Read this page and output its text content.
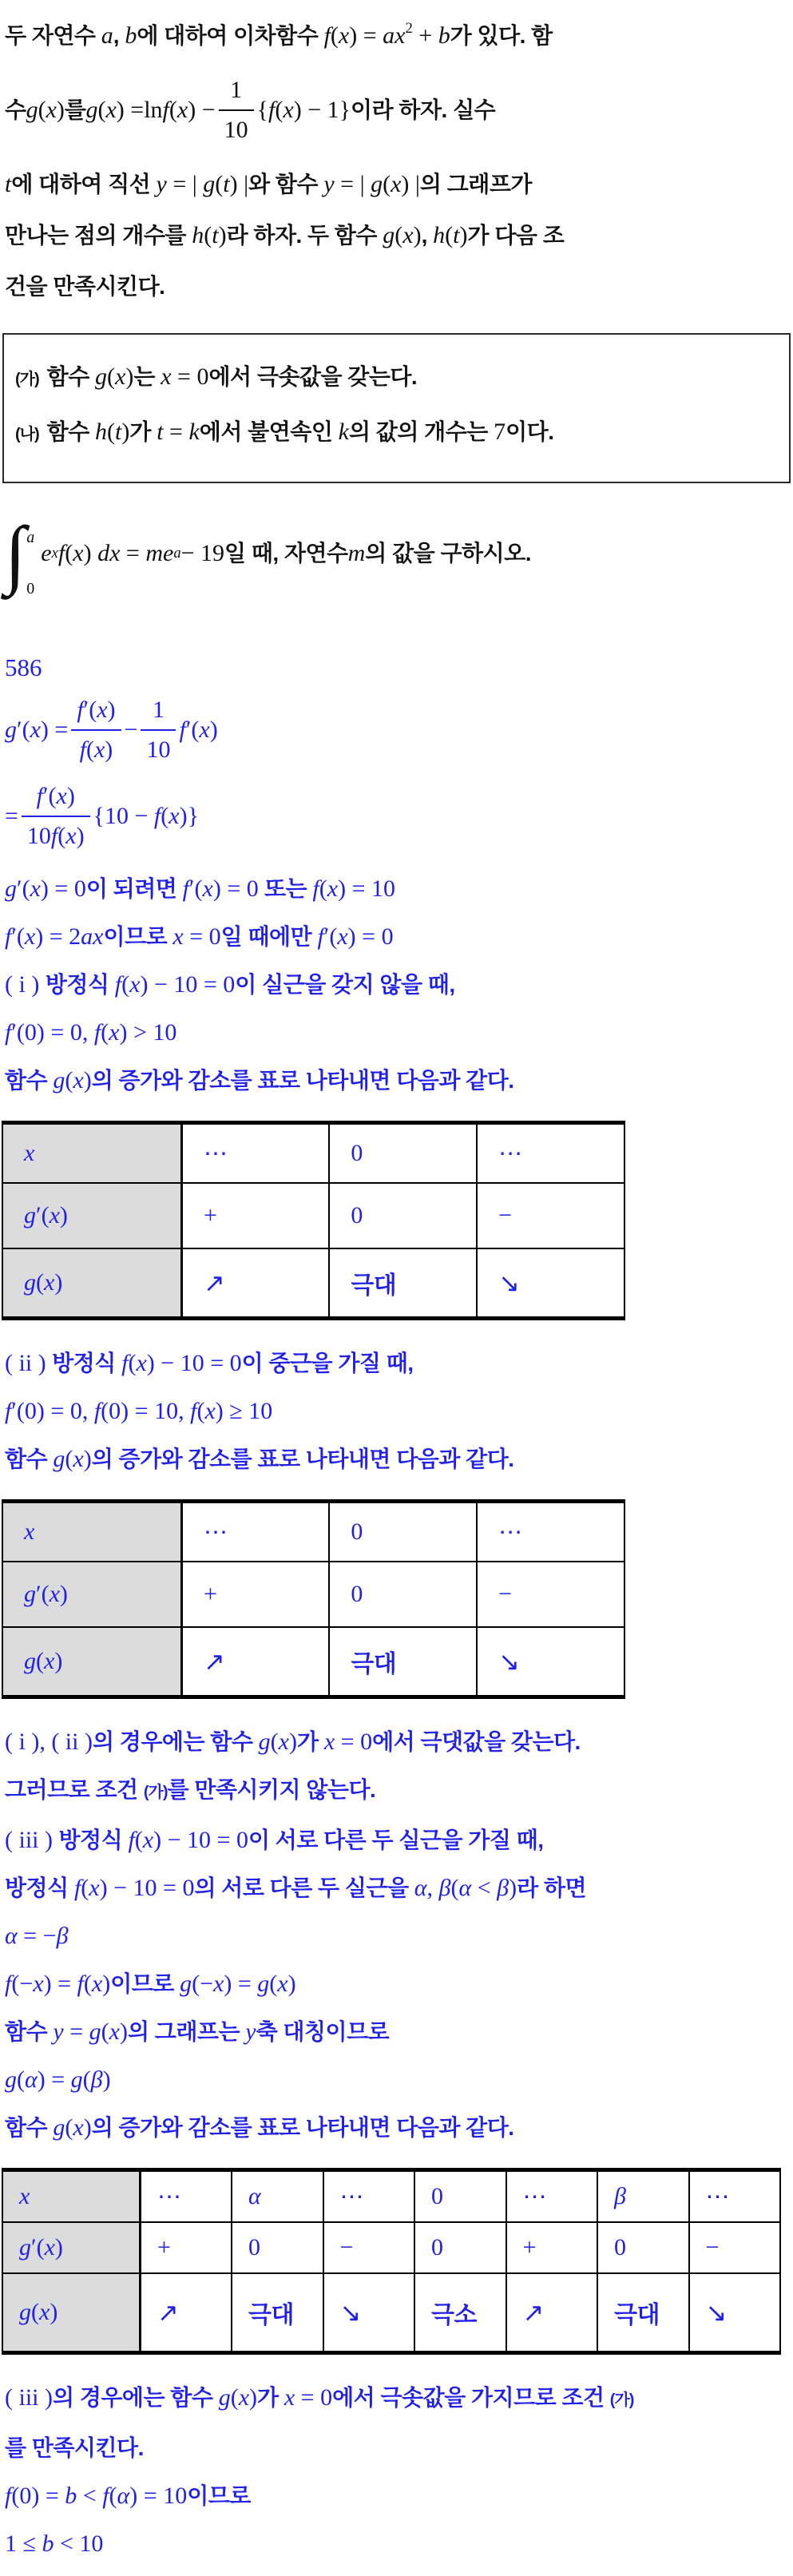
두 자연수 a, b에 대하여 이차함수 $f(x) = ax^2 + b$가 있다. 함
수 g(x) 를 $g(x) = \ln f(x) - \frac{1}{10}$ { f(x) − 1 } 이라 하자. 실수
t에 대하여 직선 y = | g(t) |와 함수 y = | g(x) |의 그래프가
만나는 점의 개수를 h(t)라 하자. 두 함수 g(x), h(t)가 다음 조
건을 만족시킨다.
(가) 함수 g(x)는 x = 0에서 극솟값을 갖는다.
(나) 함수 h(t)가 t = k에서 불연속인 k의 값의 개수는 7이다.
∫ a
0
e x f(x) dx = me a − 19 일 때, 자연수 m 의 값을 구하시오.
586
$g'(x) = \frac{f'(x)}{f(x)} - \frac{1}{10} f'(x)$
= $\frac{f'(x)}{10f(x)}$ { 10 − f(x) }
g′(x) = 0이 되려면 f′(x) = 0 또는 f(x) = 10
f′(x) = 2ax이므로 x = 0일 때에만 f′(x) = 0
( i ) 방정식 f(x) − 10 = 0이 실근을 갖지 않을 때,
f′(0) = 0, f(x) > 10
함수 g(x)의 증가와 감소를 표로 나타내면 다음과 같다.
x	⋯	0	⋯
g′(x)	+	0	−
g(x)	↗	극대	↘
( ii ) 방정식 f(x) − 10 = 0이 중근을 가질 때,
f′(0) = 0, f(0) = 10, f(x) ≥ 10
함수 g(x)의 증가와 감소를 표로 나타내면 다음과 같다.
x	⋯	0	⋯
g′(x)	+	0	−
g(x)	↗	극대	↘
( i ), ( ii )의 경우에는 함수 g(x)가 x = 0에서 극댓값을 갖는다.
그러므로 조건 (가)를 만족시키지 않는다.
( iii ) 방정식 f(x) − 10 = 0이 서로 다른 두 실근을 가질 때,
방정식 f(x) − 10 = 0의 서로 다른 두 실근을 α, β(α < β)라 하면
α = −β
f(−x) = f(x)이므로 g(−x) = g(x)
함수 y = g(x)의 그래프는 y축 대칭이므로
g(α) = g(β)
함수 g(x)의 증가와 감소를 표로 나타내면 다음과 같다.
x	⋯	α	⋯	0	⋯	β	⋯
g′(x)	+	0	−	0	+	0	−
g(x)	↗	극대	↘	극소	↗	극대	↘
( iii )의 경우에는 함수 g(x)가 x = 0에서 극솟값을 가지므로 조건 (가)
를 만족시킨다.
f(0) = b < f(α) = 10이므로
1 ≤ b < 10
